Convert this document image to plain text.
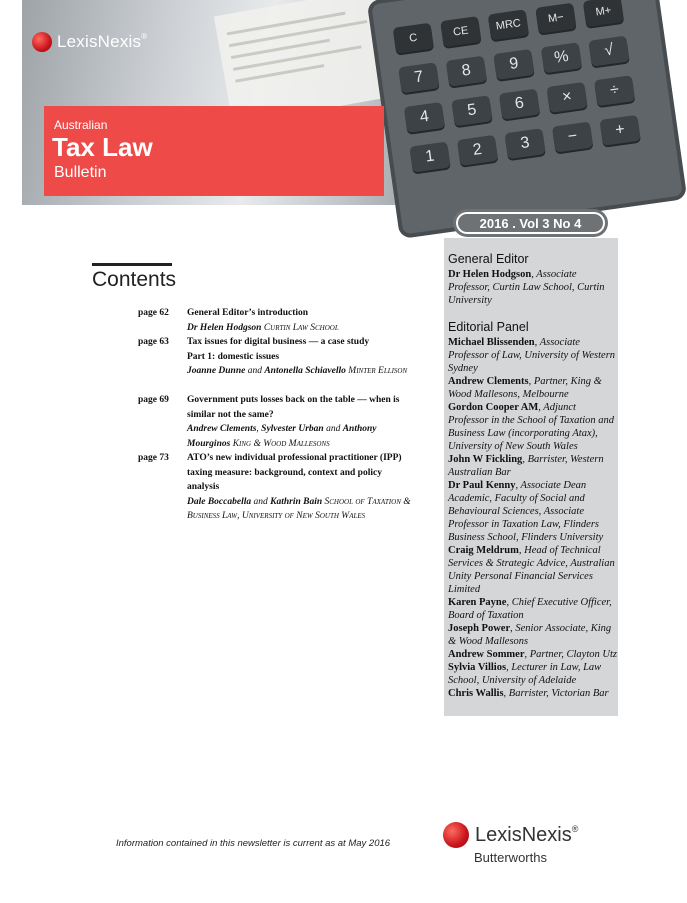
C	CE	MRC	M−	M+
7	8	9	%	√
4	5	6	×	÷
1	2	3	−	+
LexisNexis®
Australian
Tax Law
Bulletin
2016 . Vol 3 No 4
Contents
page 62	General Editor’s introduction
Dr Helen Hodgson Curtin Law School
page 63	Tax issues for digital business — a case study
Part 1: domestic issues
Joanne Dunne and Antonella Schiavello Minter Ellison
page 69	Government puts losses back on the table — when is similar not the same?
Andrew Clements, Sylvester Urban and Anthony Mourginos King & Wood Mallesons
page 73	ATO’s new individual professional practitioner (IPP) taxing measure: background, context and policy analysis
Dale Boccabella and Kathrin Bain School of Taxation & Business Law, University of New South Wales
General Editor

Dr Helen Hodgson, Associate Professor, Curtin Law School, Curtin University

Editorial Panel

Michael Blissenden, Associate Professor of Law, University of Western Sydney

Andrew Clements, Partner, King & Wood Mallesons, Melbourne

Gordon Cooper AM, Adjunct Professor in the School of Taxation and Business Law (incorporating Atax), University of New South Wales

John W Fickling, Barrister, Western Australian Bar

Dr Paul Kenny, Associate Dean Academic, Faculty of Social and Behavioural Sciences, Associate Professor in Taxation Law, Flinders Business School, Flinders University

Craig Meldrum, Head of Technical Services & Strategic Advice, Australian Unity Personal Financial Services Limited

Karen Payne, Chief Executive Officer, Board of Taxation

Joseph Power, Senior Associate, King & Wood Mallesons

Andrew Sommer, Partner, Clayton Utz

Sylvia Villios, Lecturer in Law, Law School, University of Adelaide

Chris Wallis, Barrister, Victorian Bar

Information contained in this newsletter is current as at May 2016	LexisNexis®
Butterworths
